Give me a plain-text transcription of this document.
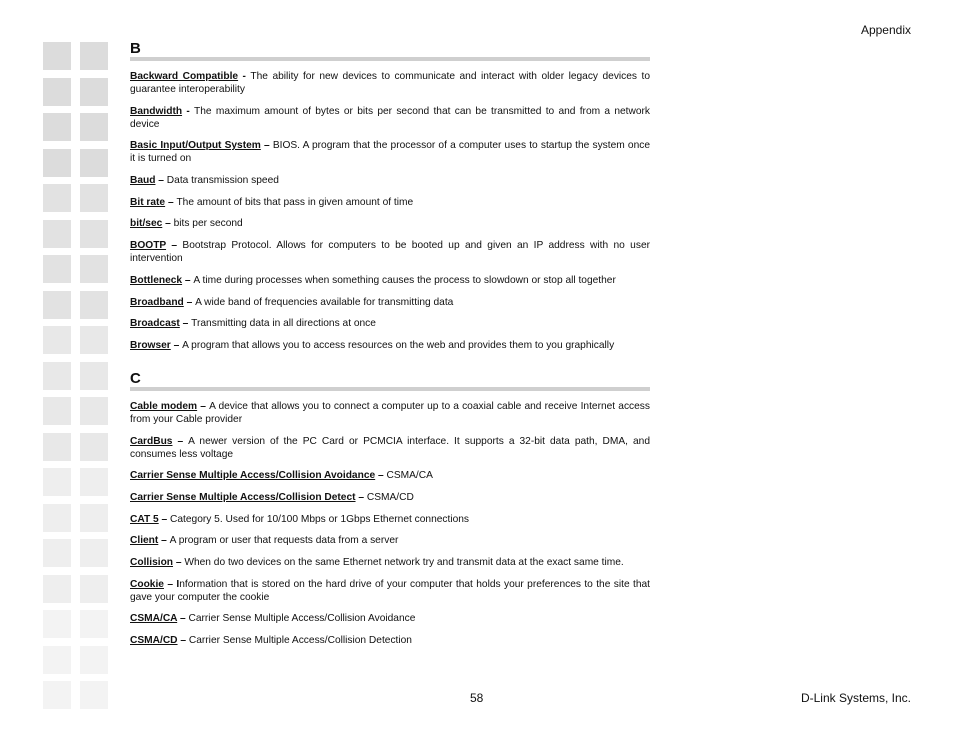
Appendix
B

Backward Compatible - The ability for new devices to communicate and interact with older legacy devices to guarantee interoperability

Bandwidth - The maximum amount of bytes or bits per second that can be transmitted to and from a network device

Basic Input/Output System – BIOS. A program that the processor of a computer uses to startup the system once it is turned on

Baud – Data transmission speed

Bit rate – The amount of bits that pass in given amount of time

bit/sec – bits per second

BOOTP – Bootstrap Protocol. Allows for computers to be booted up and given an IP address with no user intervention

Bottleneck – A time during processes when something causes the process to slowdown or stop all together

Broadband – A wide band of frequencies available for transmitting data

Broadcast – Transmitting data in all directions at once

Browser – A program that allows you to access resources on the web and provides them to you graphically

C

Cable modem – A device that allows you to connect a computer up to a coaxial cable and receive Internet access from your Cable provider

CardBus – A newer version of the PC Card or PCMCIA interface. It supports a 32-bit data path, DMA, and consumes less voltage

Carrier Sense Multiple Access/Collision Avoidance – CSMA/CA

Carrier Sense Multiple Access/Collision Detect – CSMA/CD

CAT 5 – Category 5. Used for 10/100 Mbps or 1Gbps Ethernet connections

Client – A program or user that requests data from a server

Collision – When do two devices on the same Ethernet network try and transmit data at the exact same time.

Cookie – Information that is stored on the hard drive of your computer that holds your preferences to the site that gave your computer the cookie

CSMA/CA – Carrier Sense Multiple Access/Collision Avoidance

CSMA/CD – Carrier Sense Multiple Access/Collision Detection

58	D-Link Systems, Inc.
